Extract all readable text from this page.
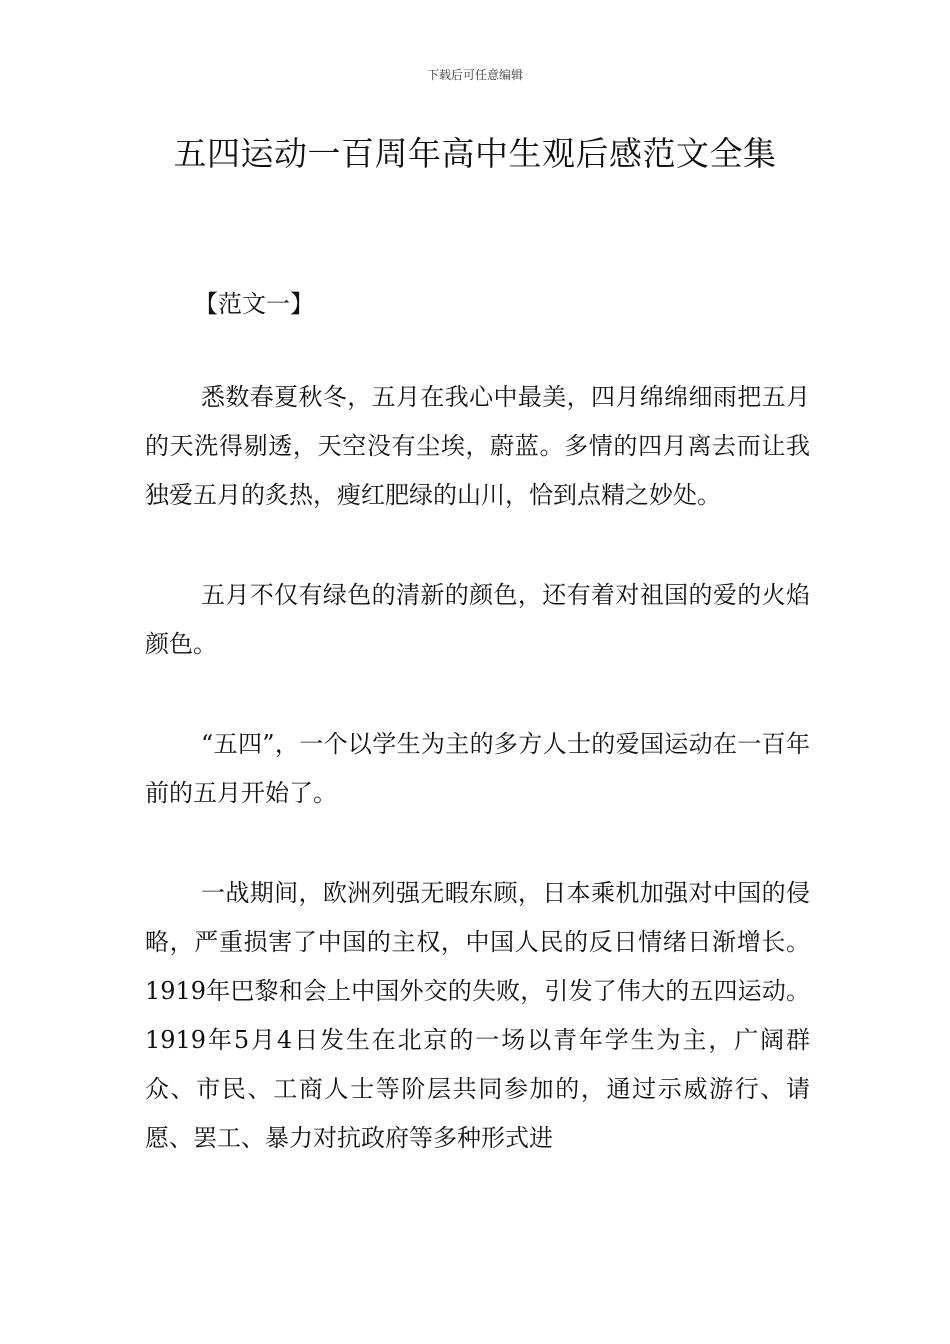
下载后可任意编辑
五四运动一百周年高中生观后感范文全集
【范文一】

悉数春夏秋冬，五月在我心中最美，四月绵绵细雨把五月的天洗得剔透，天空没有尘埃，蔚蓝。多情的四月离去而让我独爱五月的炙热，瘦红肥绿的山川，恰到点精之妙处。

五月不仅有绿色的清新的颜色，还有着对祖国的爱的火焰颜色。

“五四”，一个以学生为主的多方人士的爱国运动在一百年前的五月开始了。

一战期间，欧洲列强无暇东顾，日本乘机加强对中国的侵略，严重损害了中国的主权，中国人民的反日情绪日渐增长。1919年巴黎和会上中国外交的失败，引发了伟大的五四运动。1919年5月4日发生在北京的一场以青年学生为主，广阔群众、市民、工商人士等阶层共同参加的，通过示威游行、请愿、罢工、暴力对抗政府等多种形式进
